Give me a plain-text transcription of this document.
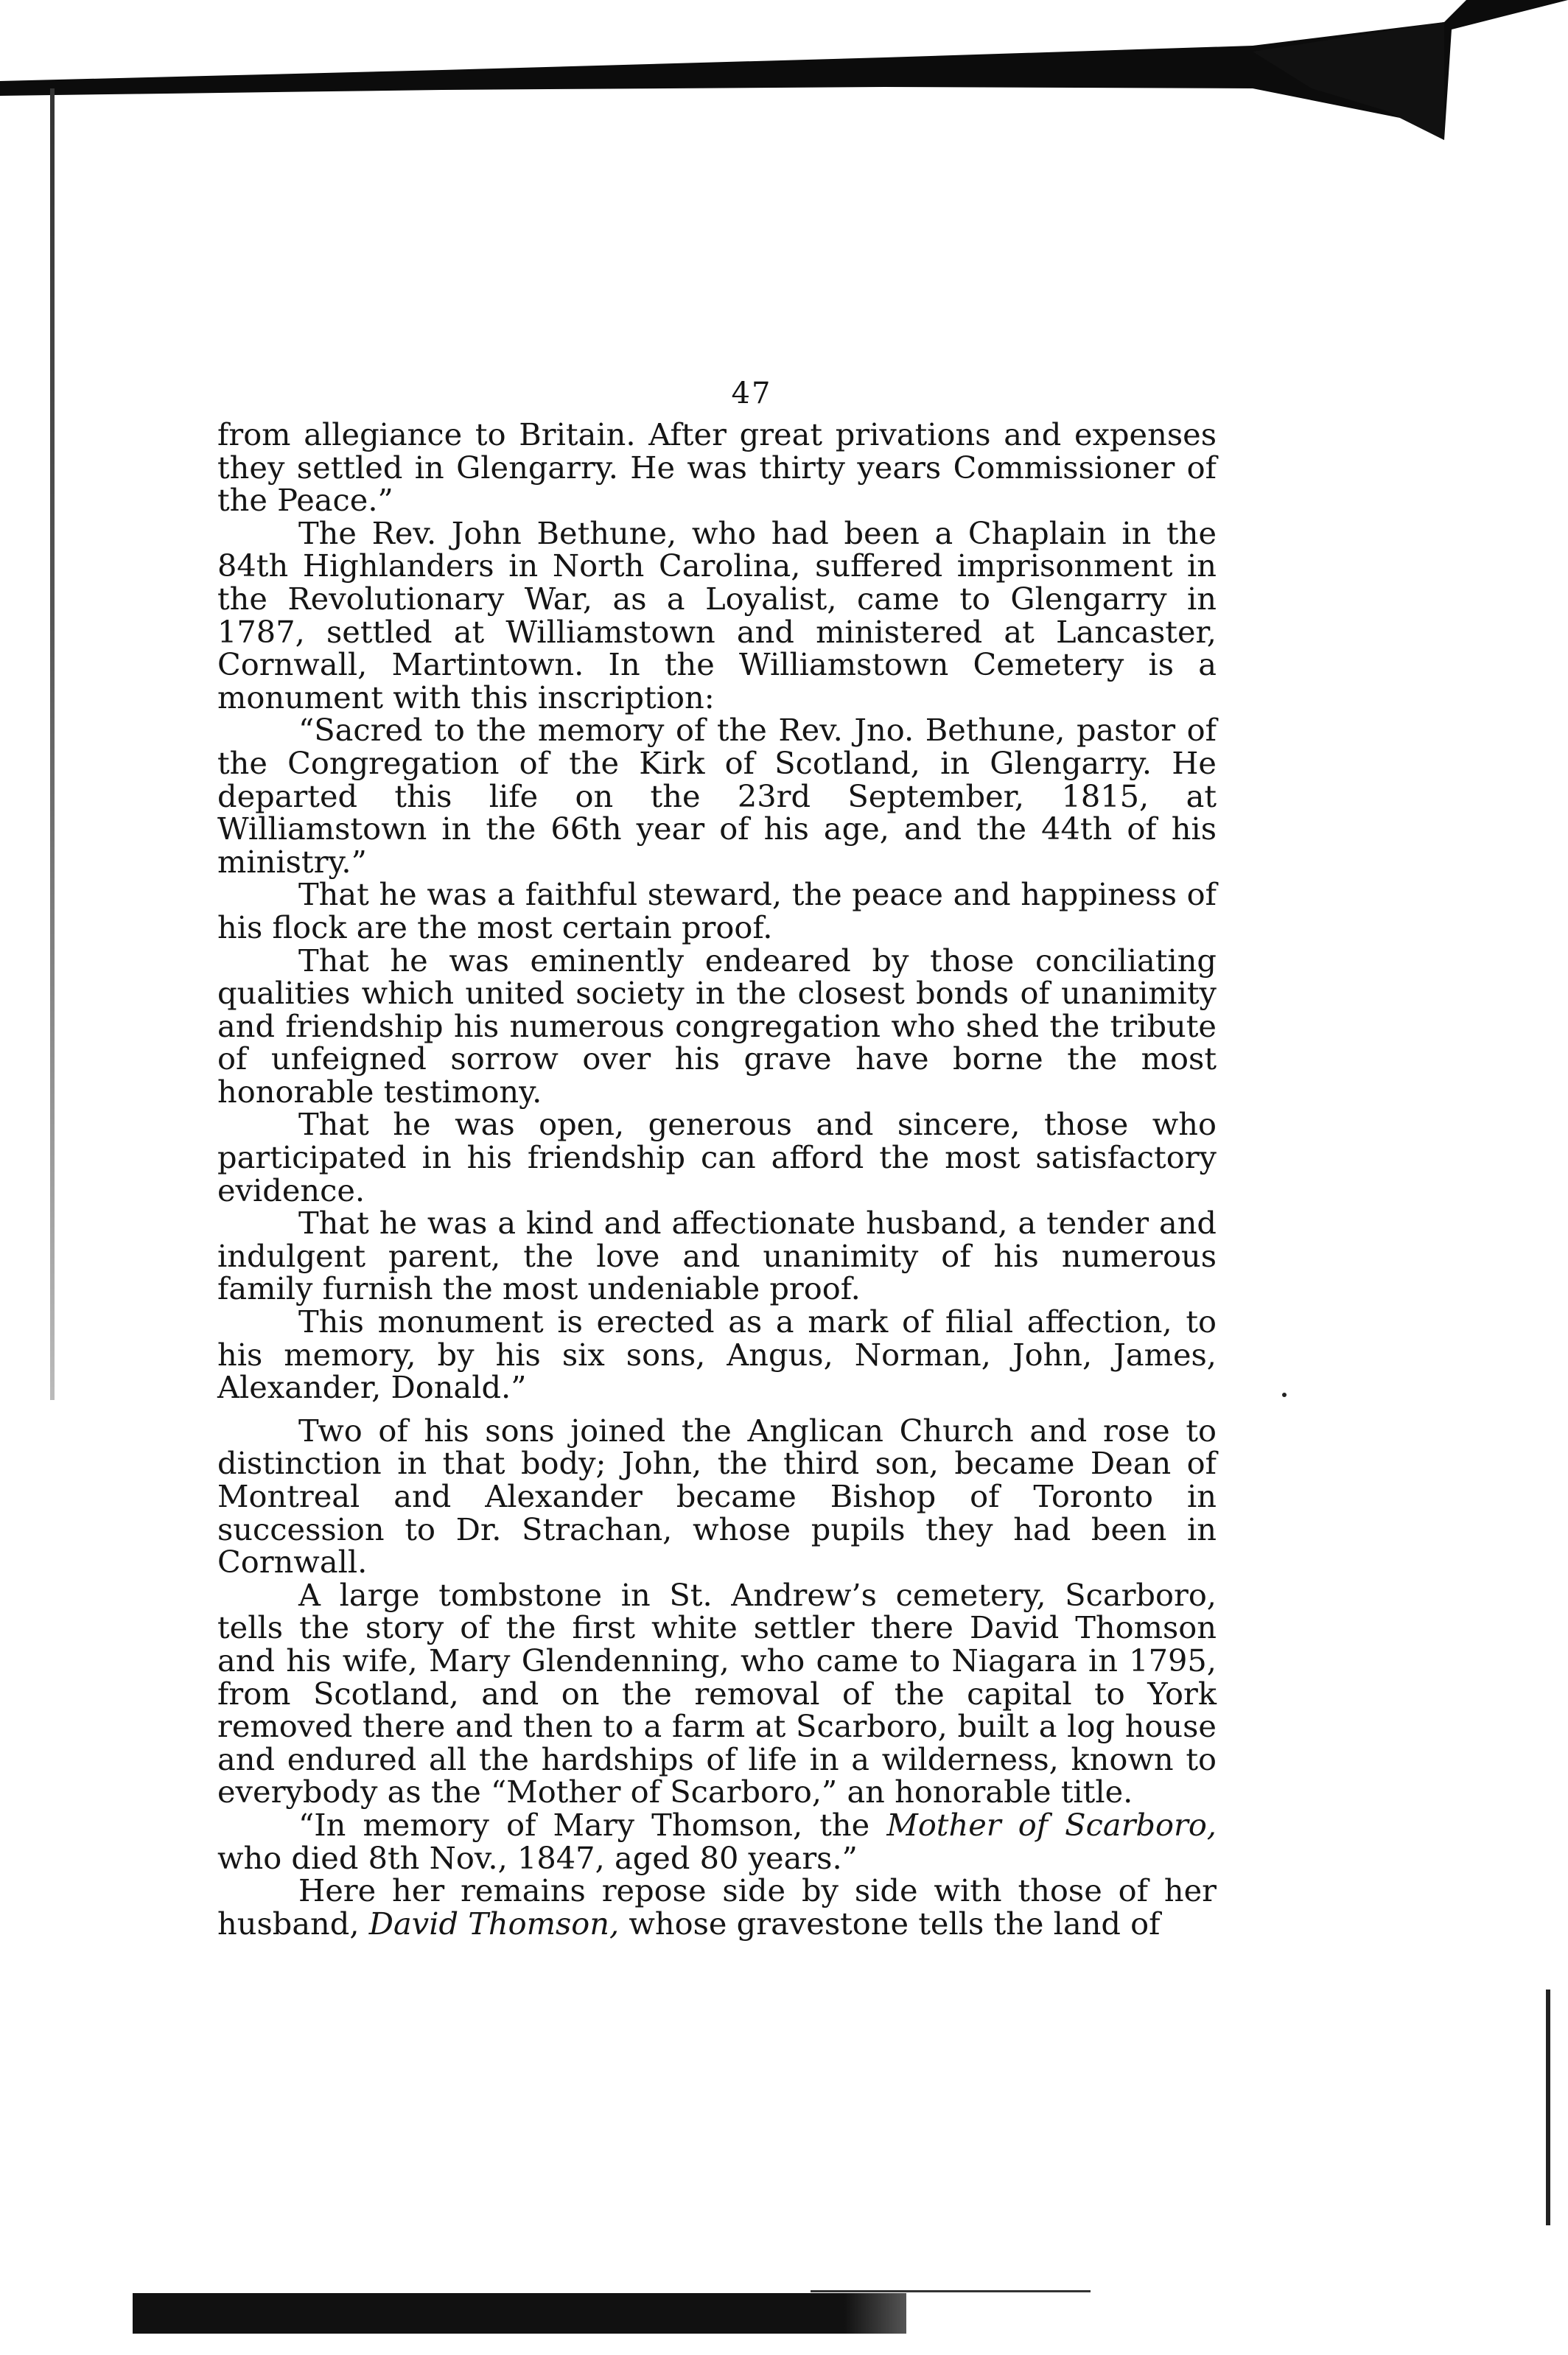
47

from allegiance to Britain. After great privations and expenses they settled in Glengarry. He was thirty years Commissioner of the Peace.”

The Rev. John Bethune, who had been a Chaplain in the 84th Highlanders in North Carolina, suffered imprisonment in the Revolutionary War, as a Loyalist, came to Glengarry in 1787, settled at Williamstown and ministered at Lancaster, Cornwall, Martintown. In the Williamstown Cemetery is a monument with this inscription:

“Sacred to the memory of the Rev. Jno. Bethune, pastor of the Congregation of the Kirk of Scotland, in Glengarry. He departed this life on the 23rd September, 1815, at Williamstown in the 66th year of his age, and the 44th of his ministry.”

That he was a faithful steward, the peace and happiness of his flock are the most certain proof.

That he was eminently endeared by those conciliating qualities which united society in the closest bonds of unanimity and friendship his numerous congregation who shed the tribute of unfeigned sorrow over his grave have borne the most honorable testimony.

That he was open, generous and sincere, those who participated in his friendship can afford the most satisfactory evidence.

That he was a kind and affectionate husband, a tender and indulgent parent, the love and unanimity of his numerous family furnish the most undeniable proof.

This monument is erected as a mark of filial affection, to his memory, by his six sons, Angus, Norman, John, James, Alexander, Donald.”

Two of his sons joined the Anglican Church and rose to distinction in that body; John, the third son, became Dean of Montreal and Alexander became Bishop of Toronto in succession to Dr. Strachan, whose pupils they had been in Cornwall.

A large tombstone in St. Andrew’s cemetery, Scarboro, tells the story of the first white settler there David Thomson and his wife, Mary Glendenning, who came to Niagara in 1795, from Scotland, and on the removal of the capital to York removed there and then to a farm at Scarboro, built a log house and endured all the hardships of life in a wilderness, known to everybody as the “Mother of Scarboro,” an honorable title.

“In memory of Mary Thomson, the Mother of Scarboro, who died 8th Nov., 1847, aged 80 years.”

Here her remains repose side by side with those of her husband, David Thomson, whose gravestone tells the land of
